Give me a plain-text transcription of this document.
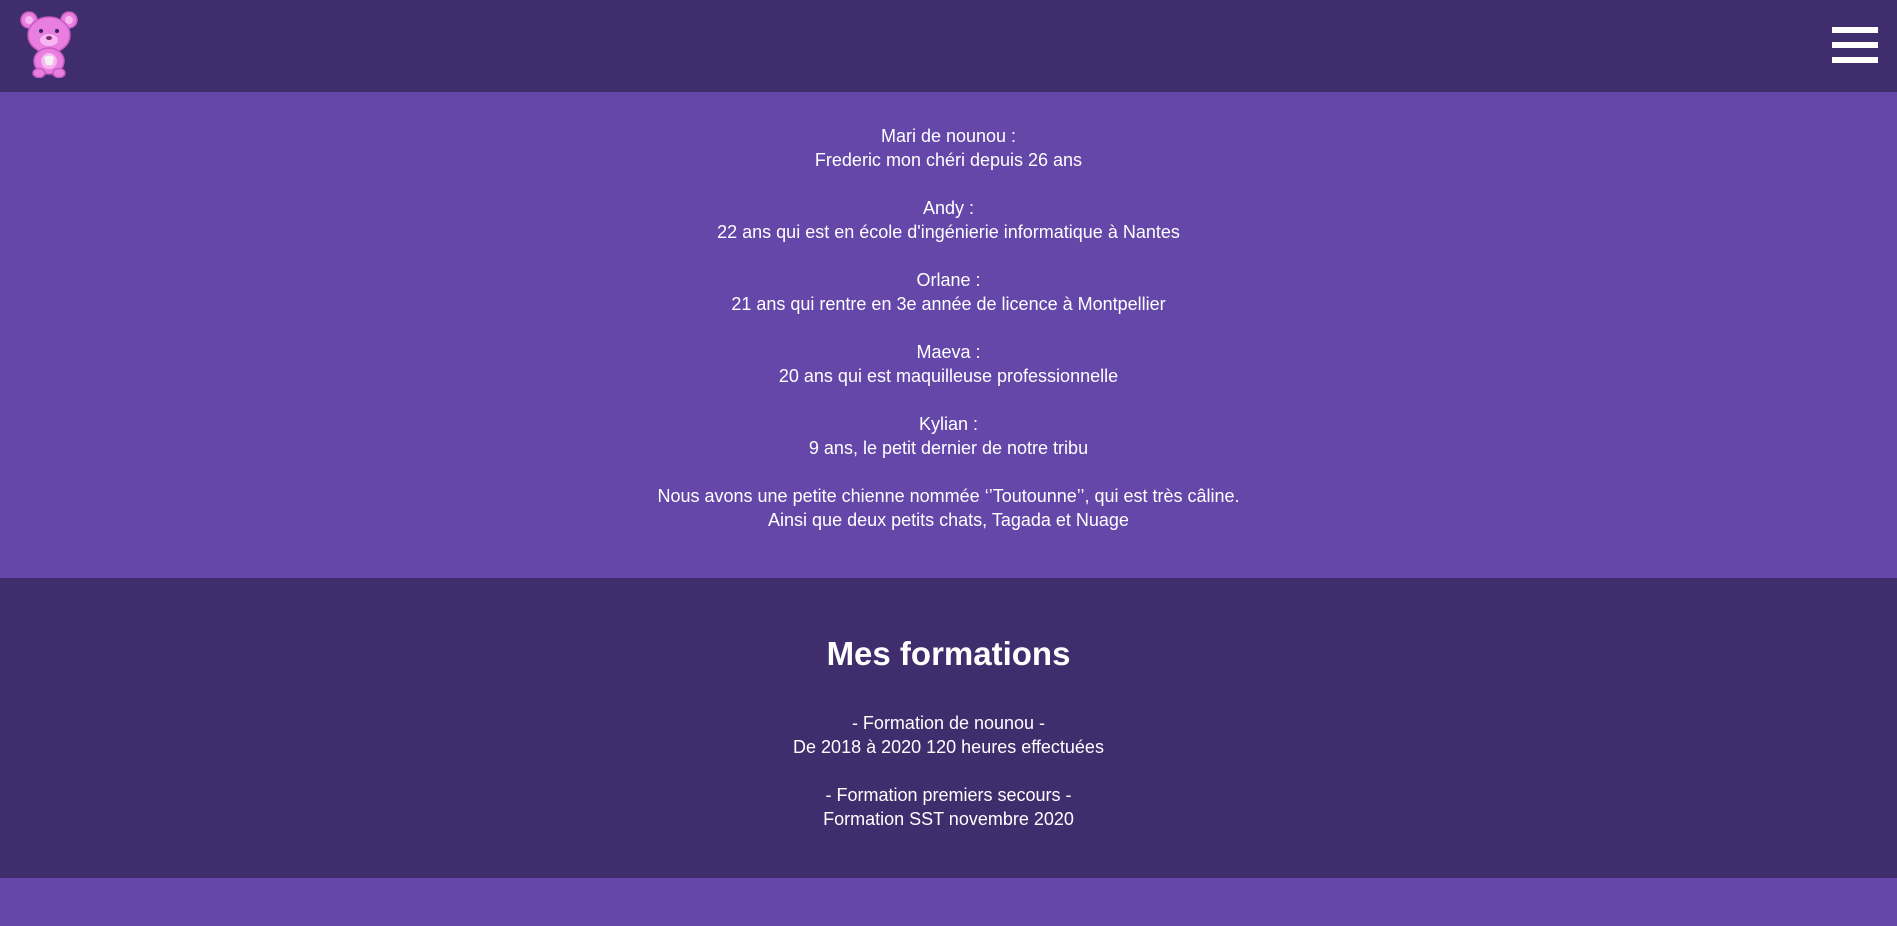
Mari de nounou :
Frederic mon chéri depuis 26 ans
Andy :
22 ans qui est en école d'ingénierie informatique à Nantes
Orlane :
21 ans qui rentre en 3e année de licence à Montpellier
Maeva :
20 ans qui est maquilleuse professionnelle
Kylian :
9 ans, le petit dernier de notre tribu
Nous avons une petite chienne nommée ‘’Toutounne’’, qui est très câline.
Ainsi que deux petits chats, Tagada et Nuage
Mes formations
- Formation de nounou -
De 2018 à 2020 120 heures effectuées
- Formation premiers secours -
Formation SST novembre 2020
